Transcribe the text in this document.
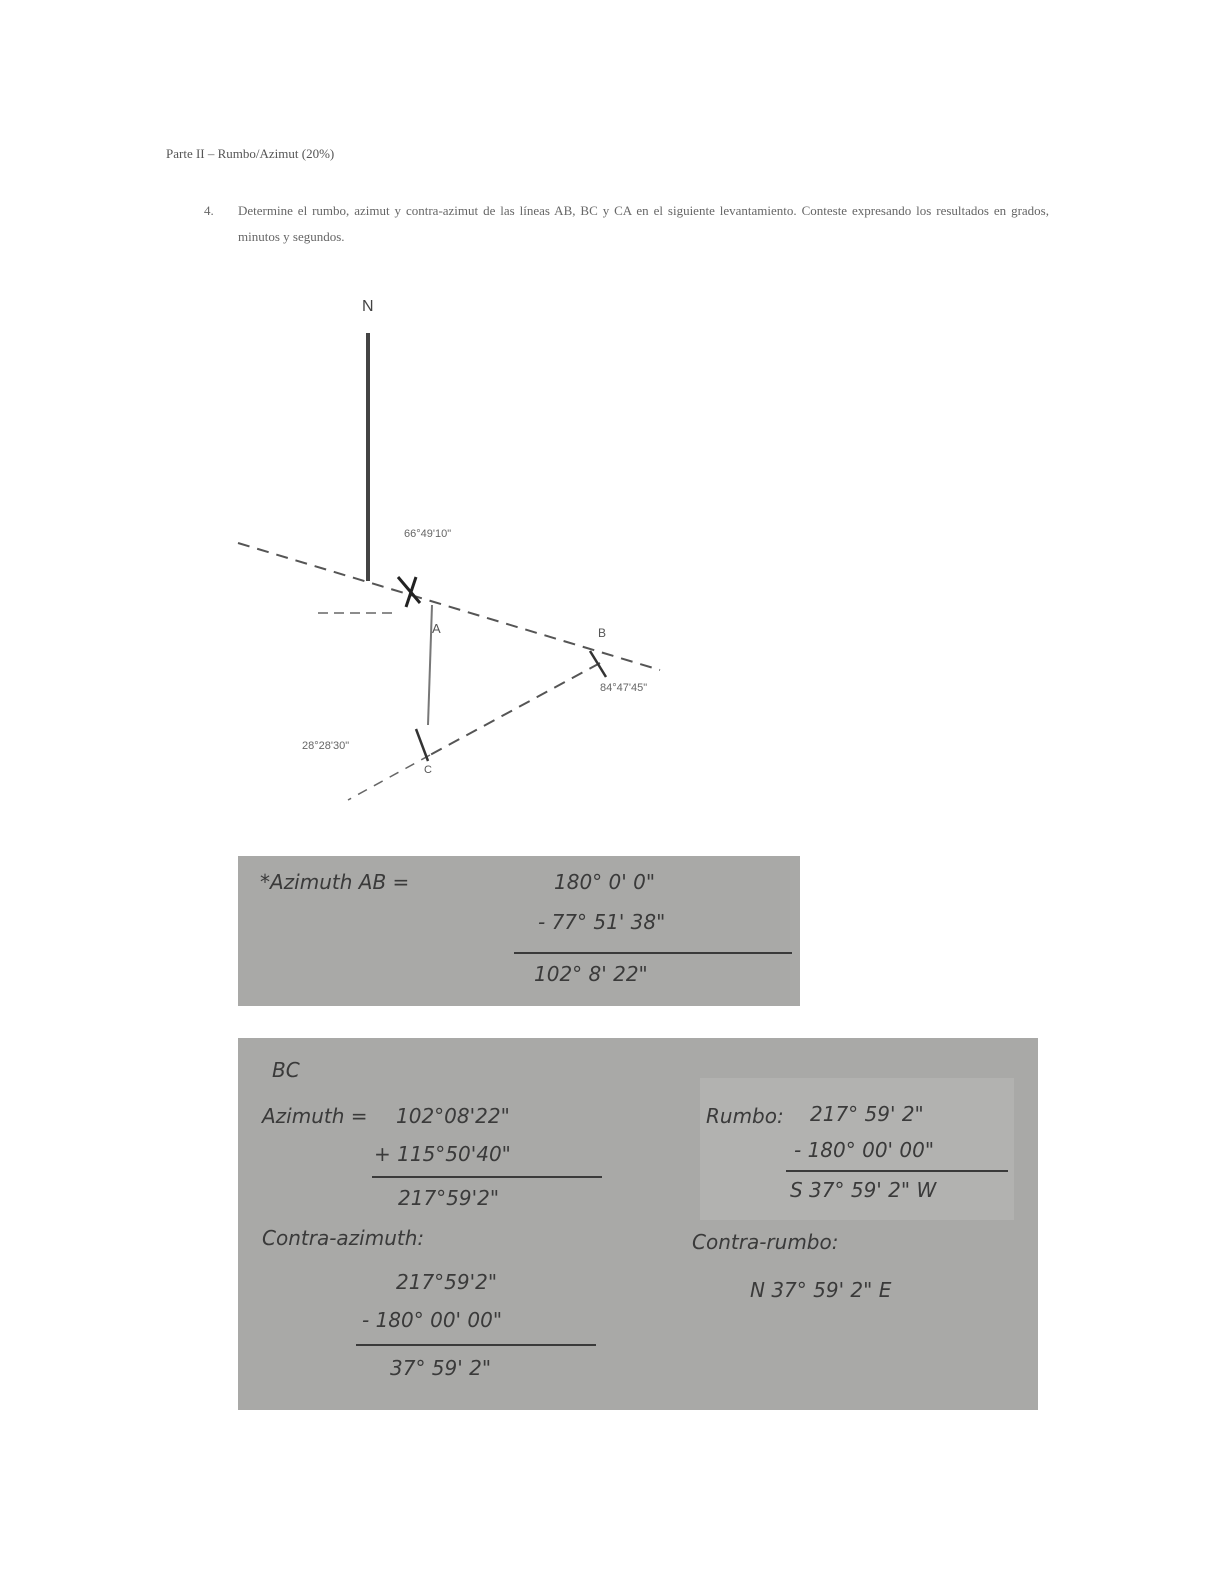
Parte II – Rumbo/Azimut (20%)
4. Determine el rumbo, azimut y contra-azimut de las líneas AB, BC y CA en el siguiente levantamiento. Conteste expresando los resultados en grados, minutos y segundos.
N
66°49'10"
A	B
84°47'45"
C
28°28'30"
*Azimuth AB =	180° 0' 0"
- 77° 51' 38"
102° 8' 22"
BC
Azimuth = 102°08'22"
+ 115°50'40"
217°59'2"
Contra-azimuth:
217°59'2"
- 180° 00' 00"
37° 59' 2"
Rumbo: 217° 59' 2"
- 180° 00' 00"
S 37° 59' 2" W
Contra-rumbo:
N 37° 59' 2" E
